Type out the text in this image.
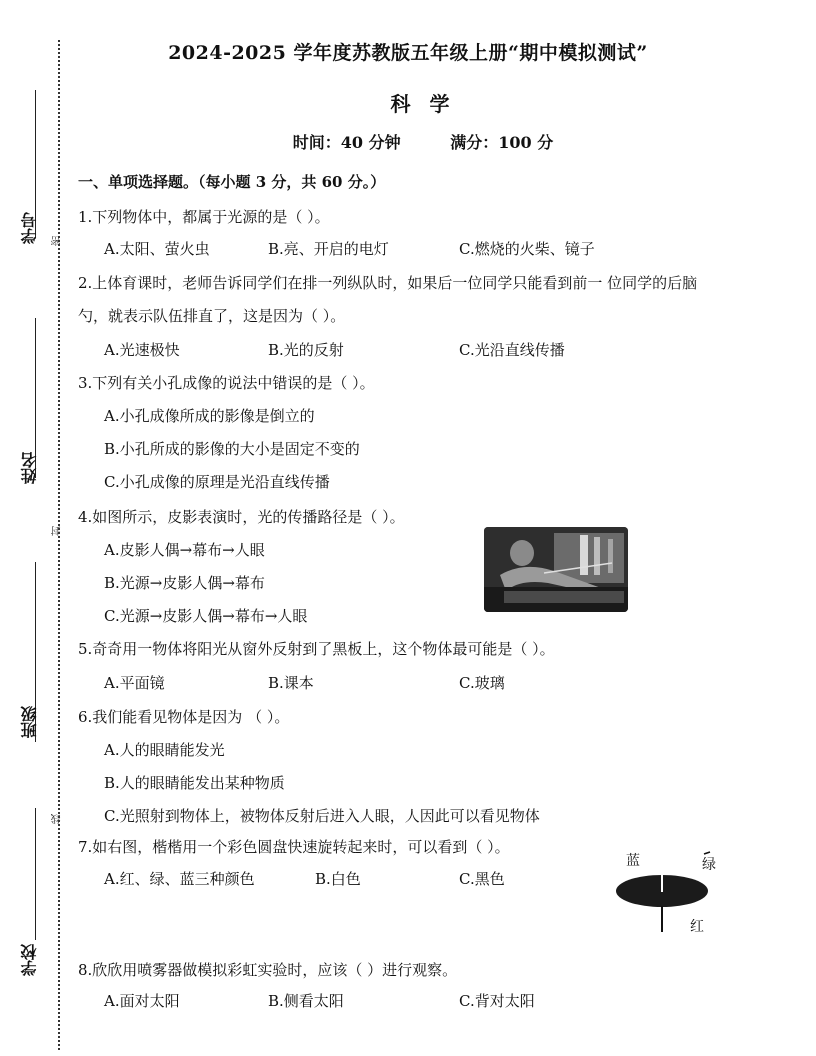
学号
姓名
班级
学校
密
封
线
2024-2025 学年度苏教版五年级上册“期中模拟测试”
科 学
时间：40 分钟	满分：100 分
一、单项选择题。（每小题 3 分，共 60 分。）
1.下列物体中，都属于光源的是（ ）。
A.太阳、萤火虫	B.亮、开启的电灯	C.燃烧的火柴、镜子
2.上体育课时，老师告诉同学们在排一列纵队时，如果后一位同学只能看到前一 位同学的后脑
勺，就表示队伍排直了，这是因为（ ）。
A.光速极快	B.光的反射	C.光沿直线传播
3.下列有关小孔成像的说法中错误的是（ ）。
A.小孔成像所成的影像是倒立的
B.小孔所成的影像的大小是固定不变的
C.小孔成像的原理是光沿直线传播
4.如图所示，皮影表演时，光的传播路径是（ ）。
A.皮影人偶→幕布→人眼
B.光源→皮影人偶→幕布
C.光源→皮影人偶→幕布→人眼
5.奇奇用一物体将阳光从窗外反射到了黑板上，这个物体最可能是（ ）。
A.平面镜	B.课本	C.玻璃
6.我们能看见物体是因为 （ ）。
A.人的眼睛能发光
B.人的眼睛能发出某种物质
C.光照射到物体上，被物体反射后进入人眼，人因此可以看见物体
7.如右图，楷楷用一个彩色圆盘快速旋转起来时，可以看到（ ）。
A.红、绿、蓝三种颜色	B.白色	C.黑色
蓝	绿
红
8.欣欣用喷雾器做模拟彩虹实验时，应该（ ）进行观察。
A.面对太阳	B.侧看太阳	C.背对太阳
